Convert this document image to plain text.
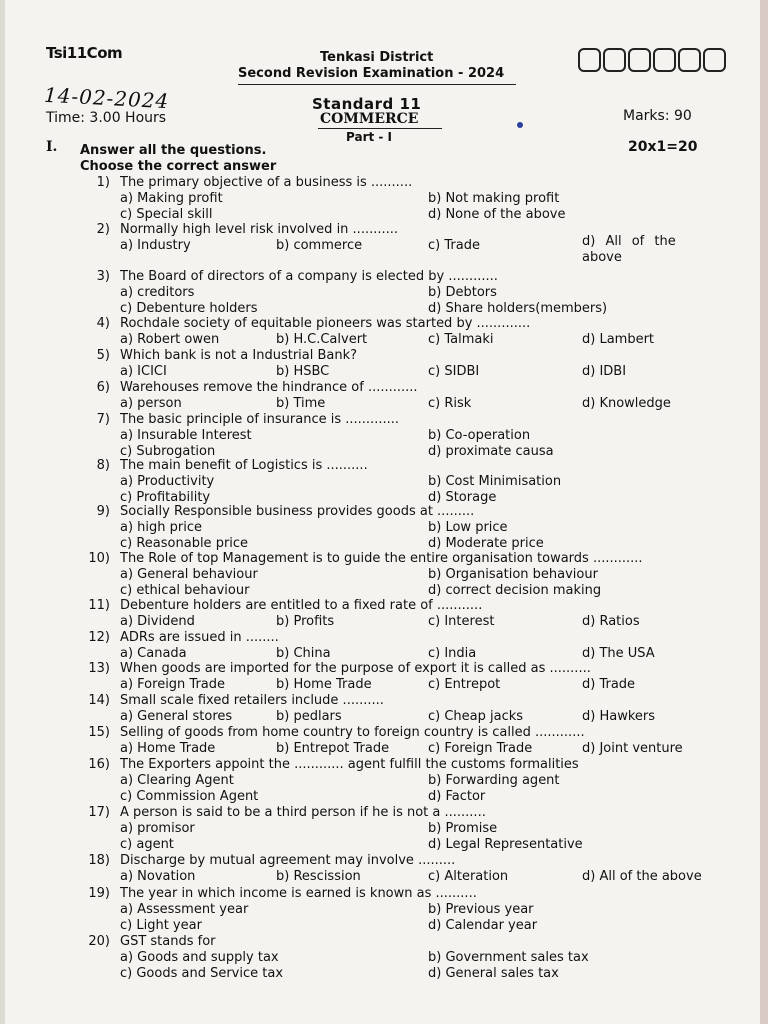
Tsi11Com	Tenkasi District
Second Revision Examination - 2024
14-02-2024	Standard 11
COMMERCE
Part - I
Time: 3.00 Hours	Marks: 90
I. Answer all the questions.
Choose the correct answer
20x1=20
1) The primary objective of a business is ..........
a) Making profit	b) Not making profit
c) Special skill	d) None of the above
2) Normally high level risk involved in ...........
a) Industry	b) commerce	c) Trade	d) All of the above
3) The Board of directors of a company is elected by ............
a) creditors	b) Debtors
c) Debenture holders	d) Share holders(members)
4) Rochdale society of equitable pioneers was started by .............
a) Robert owen	b) H.C.Calvert	c) Talmaki	d) Lambert
5) Which bank is not a Industrial Bank?
a) ICICI	b) HSBC	c) SIDBI	d) IDBI
6) Warehouses remove the hindrance of ............
a) person	b) Time	c) Risk	d) Knowledge
7) The basic principle of insurance is .............
a) Insurable Interest	b) Co-operation
c) Subrogation	d) proximate causa
8) The main benefit of Logistics is ..........
a) Productivity	b) Cost Minimisation
c) Profitability	d) Storage
9) Socially Responsible business provides goods at .........
a) high price	b) Low price
c) Reasonable price	d) Moderate price
10) The Role of top Management is to guide the entire organisation towards ............
a) General behaviour	b) Organisation behaviour
c) ethical behaviour	d) correct decision making
11) Debenture holders are entitled to a fixed rate of ...........
a) Dividend	b) Profits	c) Interest	d) Ratios
12) ADRs are issued in ........
a) Canada	b) China	c) India	d) The USA
13) When goods are imported for the purpose of export it is called as ..........
a) Foreign Trade	b) Home Trade	c) Entrepot	d) Trade
14) Small scale fixed retailers include ..........
a) General stores	b) pedlars	c) Cheap jacks	d) Hawkers
15) Selling of goods from home country to foreign country is called ............
a) Home Trade	b) Entrepot Trade	c) Foreign Trade	d) Joint venture
16) The Exporters appoint the ............ agent fulfill the customs formalities
a) Clearing Agent	b) Forwarding agent
c) Commission Agent	d) Factor
17) A person is said to be a third person if he is not a ..........
a) promisor	b) Promise
c) agent	d) Legal Representative
18) Discharge by mutual agreement may involve .........
a) Novation	b) Rescission	c) Alteration	d) All of the above
19) The year in which income is earned is known as ..........
a) Assessment year	b) Previous year
c) Light year	d) Calendar year
20) GST stands for
a) Goods and supply tax	b) Government sales tax
c) Goods and Service tax	d) General sales tax
